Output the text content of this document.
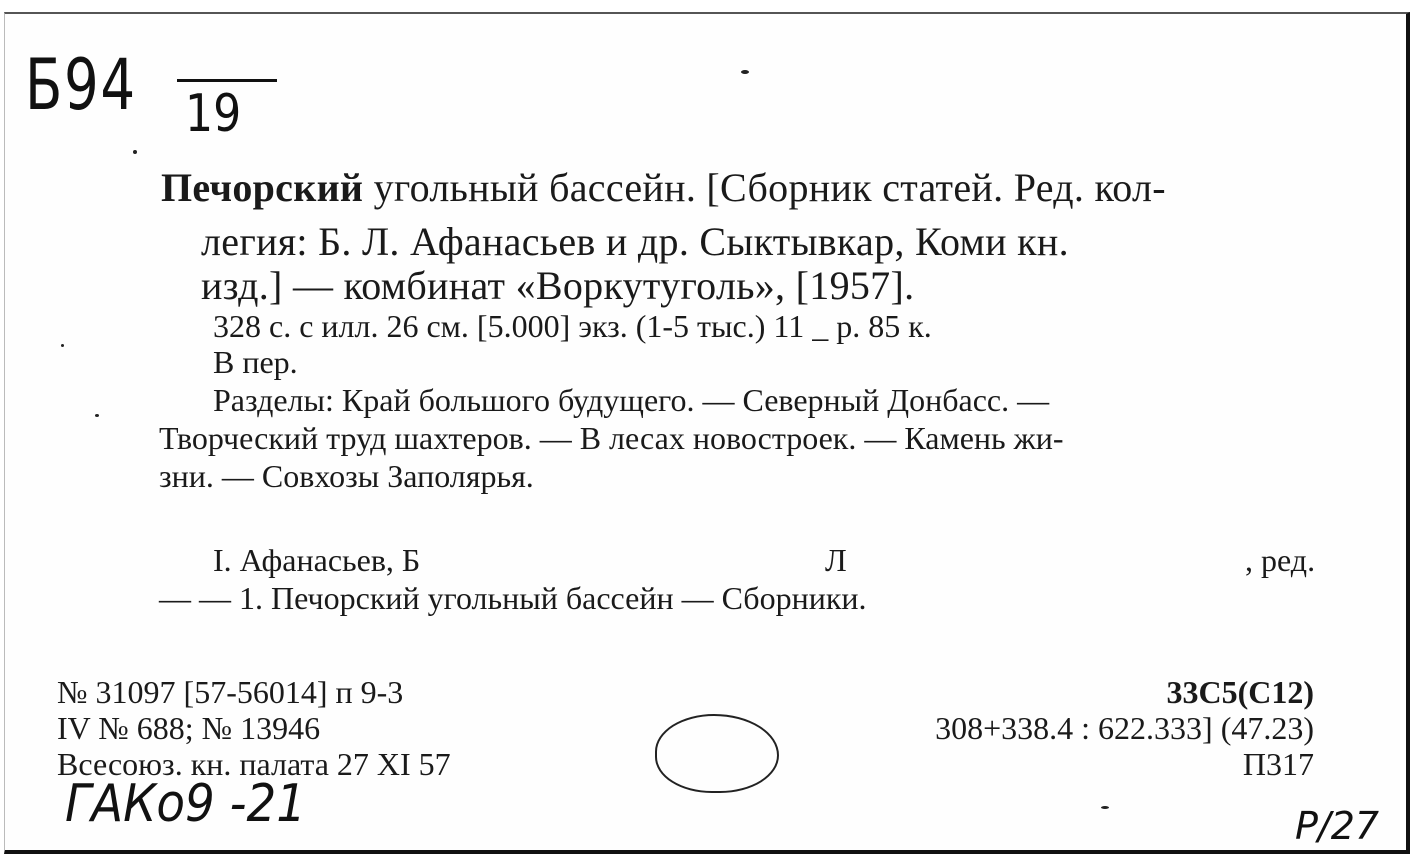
Б94 19
Печорский угольный бассейн. [Сборник статей. Ред. кол-
легия: Б. Л. Афанасьев и др. Сыктывкар, Коми кн.
изд.] — комбинат «Воркутуголь», [1957].
328 с. с илл. 26 см. [5.000] экз. (1-5 тыс.) 11 _ р. 85 к.
В пер.
Разделы: Край большого будущего. — Северный Донбасс. —
Творческий труд шахтеров. — В лесах новостроек. — Камень жи-
зни. — Совхозы Заполярья.
I. Афанасьев, Б	Л	, ред.
— — 1. Печорский угольный бассейн — Сборники.
№ 31097 [57-56014] п 9-3
IV № 688; № 13946
Всесоюз. кн. палата 27 XI 57
33С5(С12)
308+338.4 : 622.333] (47.23)
П317
ГАКо9 -21	Р/27
